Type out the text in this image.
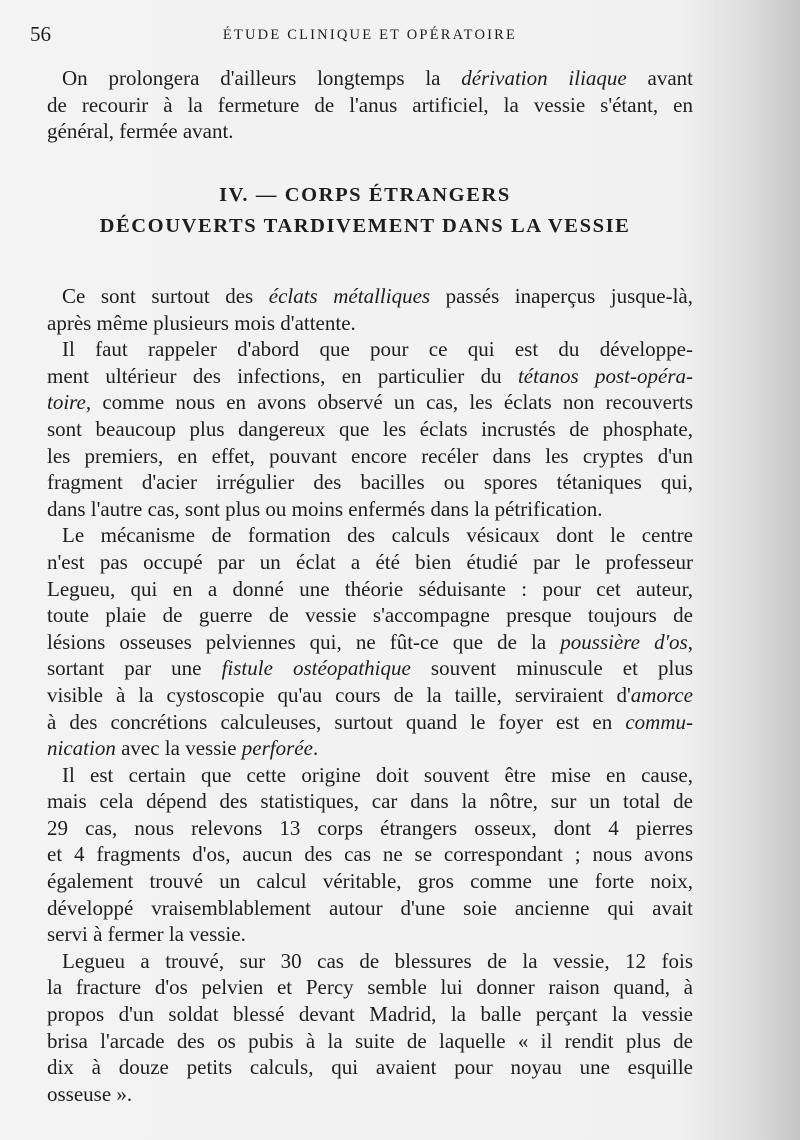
56	ÉTUDE CLINIQUE ET OPÉRATOIRE
On prolongera d'ailleurs longtemps la dérivation iliaque avant
de recourir à la fermeture de l'anus artificiel, la vessie s'étant, en
général, fermée avant.
IV. — CORPS ÉTRANGERS
DÉCOUVERTS TARDIVEMENT DANS LA VESSIE
Ce sont surtout des éclats métalliques passés inaperçus jusque-là,
après même plusieurs mois d'attente.
Il faut rappeler d'abord que pour ce qui est du développe-
ment ultérieur des infections, en particulier du tétanos post-opéra-
toire, comme nous en avons observé un cas, les éclats non recouverts
sont beaucoup plus dangereux que les éclats incrustés de phosphate,
les premiers, en effet, pouvant encore recéler dans les cryptes d'un
fragment d'acier irrégulier des bacilles ou spores tétaniques qui,
dans l'autre cas, sont plus ou moins enfermés dans la pétrification.
Le mécanisme de formation des calculs vésicaux dont le centre
n'est pas occupé par un éclat a été bien étudié par le professeur
Legueu, qui en a donné une théorie séduisante : pour cet auteur,
toute plaie de guerre de vessie s'accompagne presque toujours de
lésions osseuses pelviennes qui, ne fût-ce que de la poussière d'os,
sortant par une fistule ostéopathique souvent minuscule et plus
visible à la cystoscopie qu'au cours de la taille, serviraient d'amorce
à des concrétions calculeuses, surtout quand le foyer est en commu-
nication avec la vessie perforée.
Il est certain que cette origine doit souvent être mise en cause,
mais cela dépend des statistiques, car dans la nôtre, sur un total de
29 cas, nous relevons 13 corps étrangers osseux, dont 4 pierres
et 4 fragments d'os, aucun des cas ne se correspondant ; nous avons
également trouvé un calcul véritable, gros comme une forte noix,
développé vraisemblablement autour d'une soie ancienne qui avait
servi à fermer la vessie.
Legueu a trouvé, sur 30 cas de blessures de la vessie, 12 fois
la fracture d'os pelvien et Percy semble lui donner raison quand, à
propos d'un soldat blessé devant Madrid, la balle perçant la vessie
brisa l'arcade des os pubis à la suite de laquelle « il rendit plus de
dix à douze petits calculs, qui avaient pour noyau une esquille
osseuse ».
